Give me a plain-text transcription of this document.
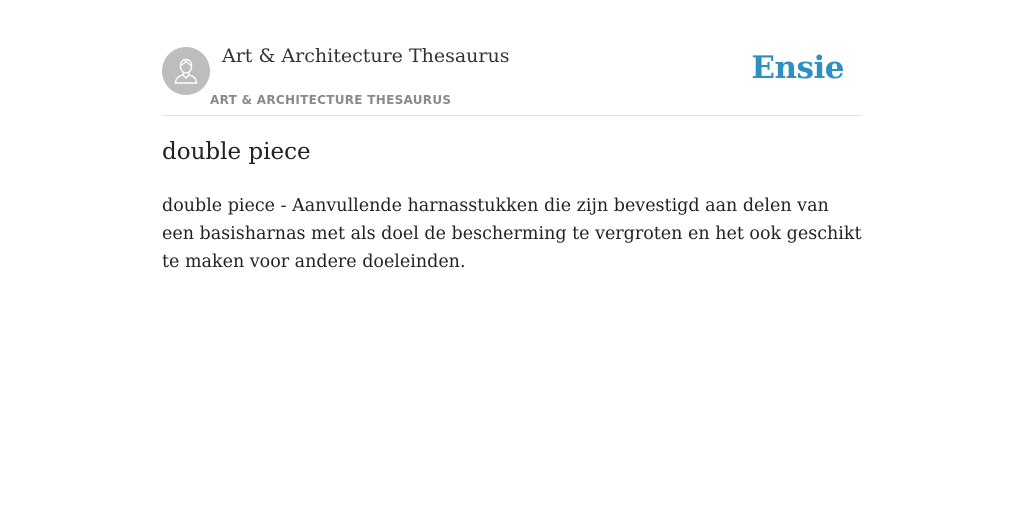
Art & Architecture Thesaurus
ART & ARCHITECTURE THESAURUS
Ensie
double piece

double piece - Aanvullende harnasstukken die zijn bevestigd aan delen van een basisharnas met als doel de bescherming te vergroten en het ook geschikt te maken voor andere doeleinden.
